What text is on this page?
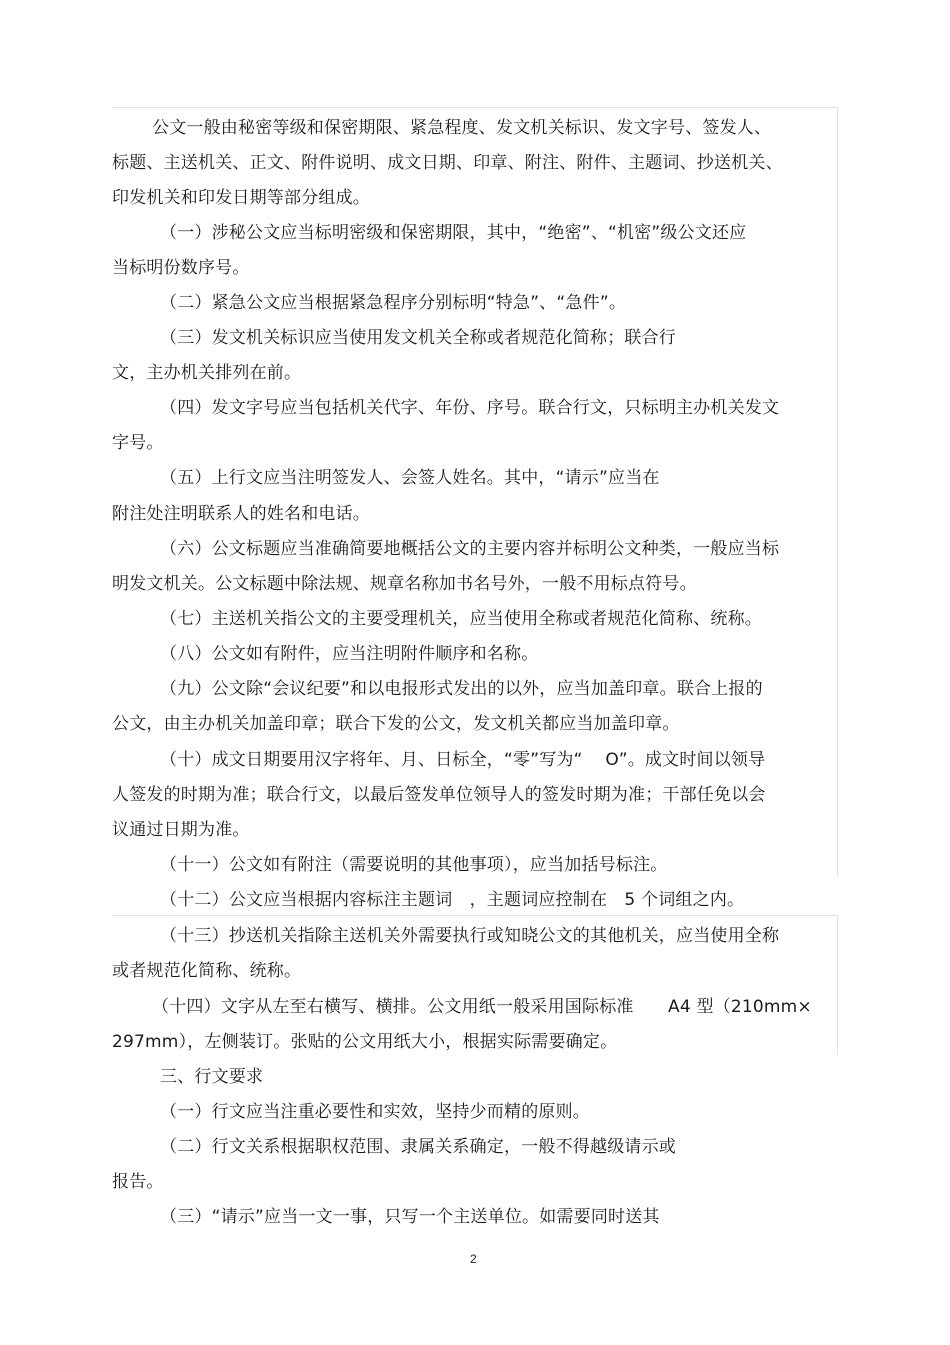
公文一般由秘密等级和保密期限、紧急程度、发文机关标识、发文字号、签发人、
标题、主送机关、正文、附件说明、成文日期、印章、附注、附件、主题词、抄送机关、
印发机关和印发日期等部分组成。
（一）涉秘公文应当标明密级和保密期限，其中，“绝密”、“机密”级公文还应
当标明份数序号。
（二）紧急公文应当根据紧急程序分别标明“特急”、“急件”。
（三）发文机关标识应当使用发文机关全称或者规范化简称；联合行
文，主办机关排列在前。
（四）发文字号应当包括机关代字、年份、序号。联合行文，只标明主办机关发文
字号。
（五）上行文应当注明签发人、会签人姓名。其中，“请示”应当在
附注处注明联系人的姓名和电话。
（六）公文标题应当准确简要地概括公文的主要内容并标明公文种类，一般应当标
明发文机关。公文标题中除法规、规章名称加书名号外，一般不用标点符号。
（七）主送机关指公文的主要受理机关，应当使用全称或者规范化简称、统称。
（八）公文如有附件，应当注明附件顺序和名称。
（九）公文除“会议纪要”和以电报形式发出的以外，应当加盖印章。联合上报的
公文，由主办机关加盖印章；联合下发的公文，发文机关都应当加盖印章。
（十）成文日期要用汉字将年、月、日标全，“零”写为“　 O”。成文时间以领导
人签发的时期为准；联合行文，以最后签发单位领导人的签发时期为准；干部任免以会
议通过日期为准。
（十一）公文如有附注（需要说明的其他事项），应当加括号标注。
（十二）公文应当根据内容标注主题词　，主题词应控制在　5 个词组之内。
（十三）抄送机关指除主送机关外需要执行或知晓公文的其他机关，应当使用全称
或者规范化简称、统称。
（十四）文字从左至右横写、横排。公文用纸一般采用国际标准　　A4 型（210mm×
297mm），左侧装订。张贴的公文用纸大小，根据实际需要确定。
三、行文要求
（一）行文应当注重必要性和实效，坚持少而精的原则。
（二）行文关系根据职权范围、隶属关系确定，一般不得越级请示或
报告。
（三）“请示”应当一文一事，只写一个主送单位。如需要同时送其
2
